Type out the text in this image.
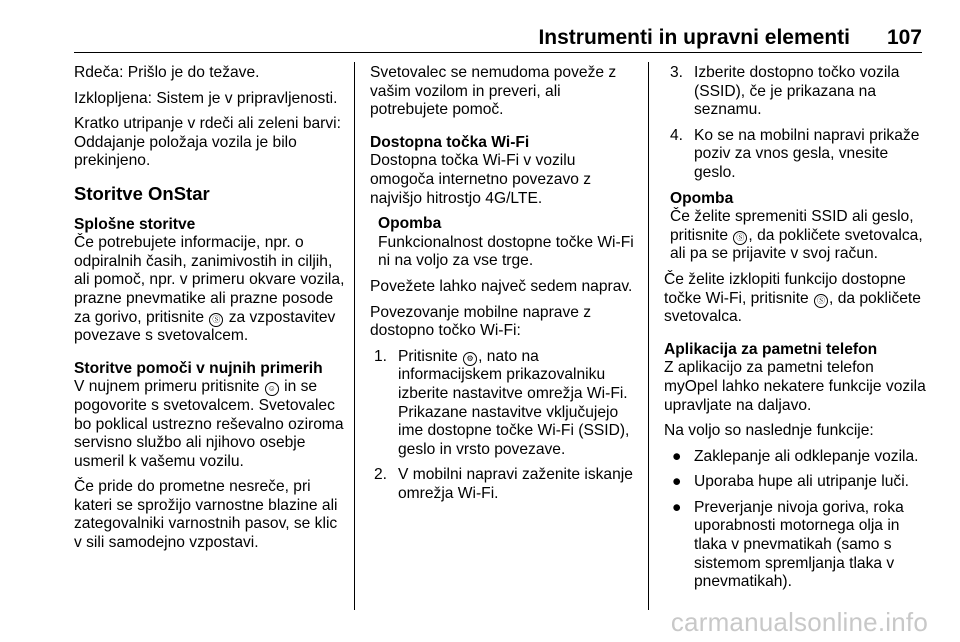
Instrumenti in upravni elementi 107

Rdeča: Prišlo je do težave.

Izklopljena: Sistem je v pripravljenosti.

Kratko utripanje v rdeči ali zeleni barvi: Oddajanje položaja vozila je bilo prekinjeno.

Storitve OnStar
Splošne storitve

Če potrebujete informacije, npr. o odpiralnih časih, zanimivostih in ciljih, ali pomoč, npr. v primeru okvare vozila, prazne pnevmatike ali prazne posode za gorivo, pritisnite Ⓢ za vzpostavitev povezave s svetovalcem.

Storitve pomoči v nujnih primerih

V nujnem primeru pritisnite ☺ in se pogovorite s svetovalcem. Svetovalec bo poklical ustrezno reševalno oziroma servisno službo ali njihovo osebje usmeril k vašemu vozilu.

Če pride do prometne nesreče, pri kateri se sprožijo varnostne blazine ali zategovalniki varnostnih pasov, se klic v sili samodejno vzpostavi.

Svetovalec se nemudoma poveže z vašim vozilom in preveri, ali potrebujete pomoč.

Dostopna točka Wi-Fi

Dostopna točka Wi-Fi v vozilu omogoča internetno povezavo z najvišjo hitrostjo 4G/LTE.

Opomba
Funkcionalnost dostopne točke Wi-Fi ni na voljo za vse trge.

Povežete lahko največ sedem naprav.

Povezovanje mobilne naprave z dostopno točko Wi-Fi:

1. Pritisnite ⚙ , nato na informacijskem prikazovalniku izberite nastavitve omrežja Wi-Fi. Prikazane nastavitve vključujejo ime dostopne točke Wi-Fi (SSID), geslo in vrsto povezave.
2. V mobilni napravi zaženite iskanje omrežja Wi-Fi.
3. Izberite dostopno točko vozila (SSID), če je prikazana na seznamu.
4. Ko se na mobilni napravi prikaže poziv za vnos gesla, vnesite geslo.
Opomba
Če želite spremeniti SSID ali geslo, pritisnite Ⓢ , da pokličete svetovalca, ali pa se prijavite v svoj račun.

Če želite izklopiti funkcijo dostopne točke Wi-Fi, pritisnite Ⓢ , da pokličete svetovalca.

Aplikacija za pametni telefon

Z aplikacijo za pametni telefon myOpel lahko nekatere funkcije vozila upravljate na daljavo.

Na voljo so naslednje funkcije:

● Zaklepanje ali odklepanje vozila.
● Uporaba hupe ali utripanje luči.
● Preverjanje nivoja goriva, roka uporabnosti motornega olja in tlaka v pnevmatikah (samo s sistemom spremljanja tlaka v pnevmatikah).
carmanualsonline.info
